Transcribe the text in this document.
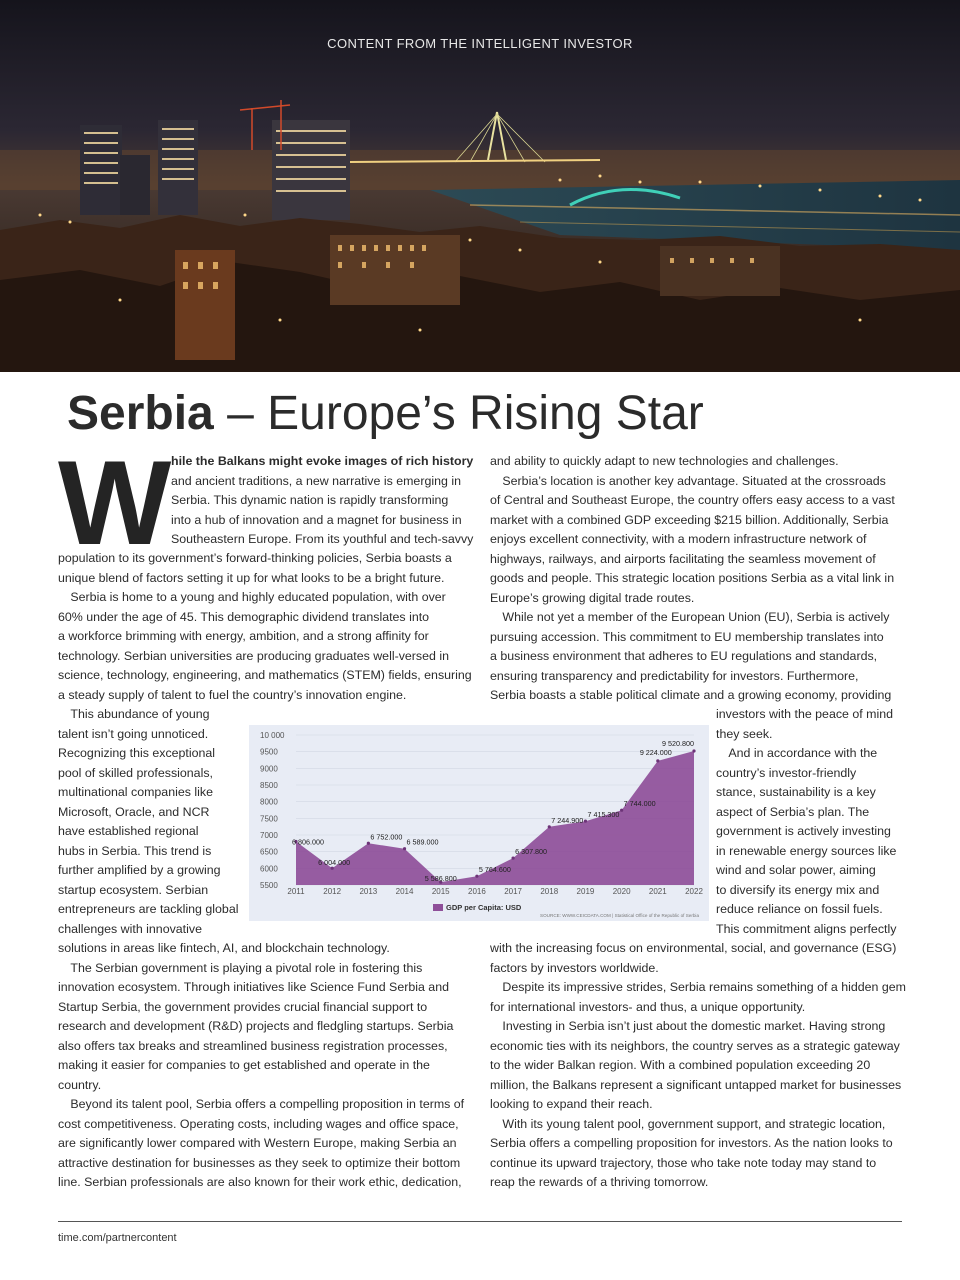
CONTENT FROM THE INTELLIGENT INVESTOR
Serbia – Europe’s Rising Star
W hile the Balkans might evoke images of rich history
and ancient traditions, a new narrative is emerging in
Serbia. This dynamic nation is rapidly transforming
into a hub of innovation and a magnet for business in
Southeastern Europe. From its youthful and tech-savvy
population to its government’s forward-thinking policies, Serbia boasts a
unique blend of factors setting it up for what looks to be a bright future.
 Serbia is home to a young and highly educated population, with over
60% under the age of 45. This demographic dividend translates into
a workforce brimming with energy, ambition, and a strong affinity for
technology. Serbian universities are producing graduates well-versed in
science, technology, engineering, and mathematics (STEM) fields, ensuring
a steady supply of talent to fuel the country’s innovation engine.
 This abundance of young
talent isn’t going unnoticed.
Recognizing this exceptional
pool of skilled professionals,
multinational companies like
Microsoft, Oracle, and NCR
have established regional
hubs in Serbia. This trend is
further amplified by a growing
startup ecosystem. Serbian
entrepreneurs are tackling global
challenges with innovative
solutions in areas like fintech, AI, and blockchain technology.
 The Serbian government is playing a pivotal role in fostering this
innovation ecosystem. Through initiatives like Science Fund Serbia and
Startup Serbia, the government provides crucial financial support to
research and development (R&D) projects and fledgling startups. Serbia
also offers tax breaks and streamlined business registration processes,
making it easier for companies to get established and operate in the
country.
 Beyond its talent pool, Serbia offers a compelling proposition in terms of
cost competitiveness. Operating costs, including wages and office space,
are significantly lower compared with Western Europe, making Serbia an
attractive destination for businesses as they seek to optimize their bottom
line. Serbian professionals are also known for their work ethic, dedication,
and ability to quickly adapt to new technologies and challenges.
 Serbia’s location is another key advantage. Situated at the crossroads
of Central and Southeast Europe, the country offers easy access to a vast
market with a combined GDP exceeding $215 billion. Additionally, Serbia
enjoys excellent connectivity, with a modern infrastructure network of
highways, railways, and airports facilitating the seamless movement of
goods and people. This strategic location positions Serbia as a vital link in
Europe’s growing digital trade routes.
 While not yet a member of the European Union (EU), Serbia is actively
pursuing accession. This commitment to EU membership translates into
a business environment that adheres to EU regulations and standards,
ensuring transparency and predictability for investors. Furthermore,
Serbia boasts a stable political climate and a growing economy, providing
investors with the peace of mind
they seek.
 And in accordance with the
country’s investor-friendly
stance, sustainability is a key
aspect of Serbia’s plan. The
government is actively investing
in renewable energy sources like
wind and solar power, aiming
to diversify its energy mix and
reduce reliance on fossil fuels.
This commitment aligns perfectly
with the increasing focus on environmental, social, and governance (ESG)
factors by investors worldwide.
 Despite its impressive strides, Serbia remains something of a hidden gem
for international investors- and thus, a unique opportunity.
 Investing in Serbia isn’t just about the domestic market. Having strong
economic ties with its neighbors, the country serves as a strategic gateway
to the wider Balkan region. With a combined population exceeding 20
million, the Balkans represent a significant untapped market for businesses
looking to expand their reach.
 With its young talent pool, government support, and strategic location,
Serbia offers a compelling proposition for investors. As the nation looks to
continue its upward trajectory, those who take note today may stand to
reap the rewards of a thriving tomorrow.
5500
6000
6500
7000
7500
8000
8500
9000
9500
10 000
6 806.000
6 004.000
6 752.000
6 589.000
5 586.800
5 764.600
6 307.800
7 244.900
7 415.300
7 744.000
9 224.000
9 520.800
2011 2012 2013 2014 2015 2016 2017 2018 2019 2020 2021 2022
GDP per Capita: USD
SOURCE: WWW.CEICDATA.COM | Statistical Office of the Republic of Serbia
time.com/partnercontent
